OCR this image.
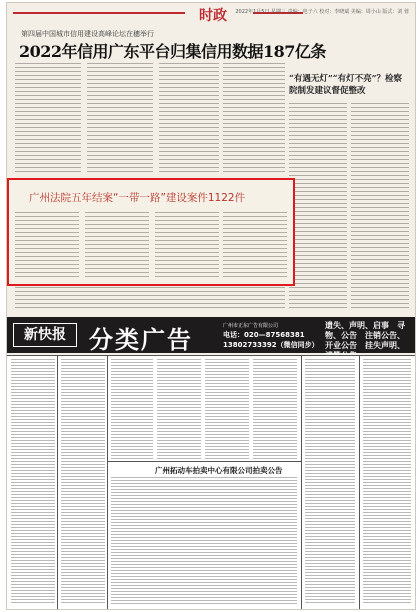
时政 2022年1月5日 星期三 责编：电子六 校对：李晓斌 美编：周小山 版式：刘 蓉
第四届中国城市信用建设高峰论坛在穗举行
2022年信用广东平台归集信用数据187亿条
“有遇无灯”“有灯不亮”？检察院制发建议督促整改
广州法院五年结案“一带一路”建设案件1122件
新快报 分类广告	广州市正东广告有限公司
电话：020—87568381
13802733392（微信同步）
遗失、声明、启事　寻物、公告　注销公告、开业公告　挂失声明、
广州拓动车拍卖中心有限公司拍卖公告
